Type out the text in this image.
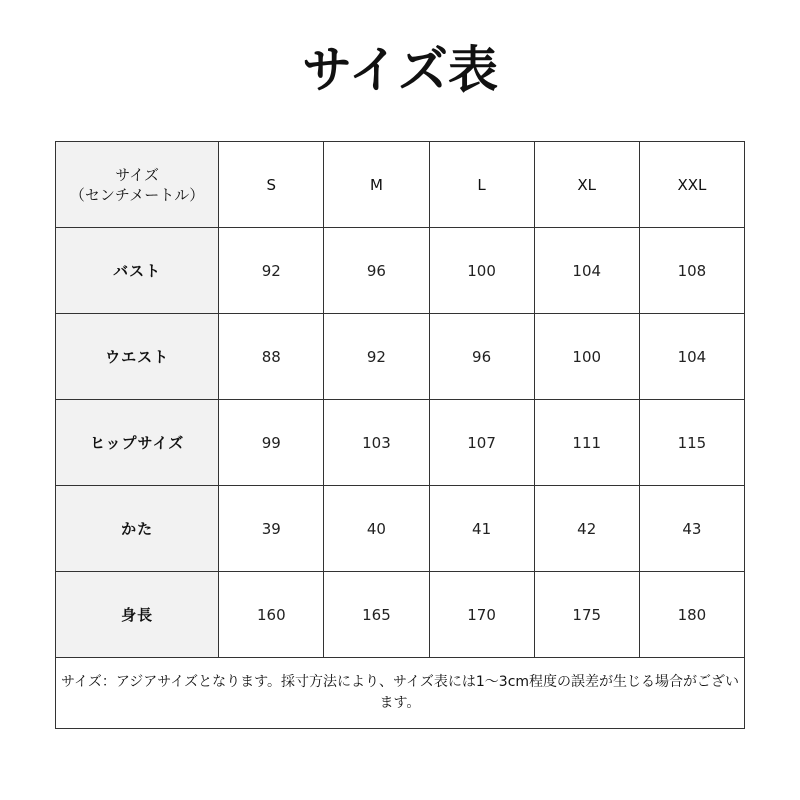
サイズ表
サイズ
（センチメートル）	S	M	L	XL	XXL
バスト	92	96	100	104	108
ウエスト	88	92	96	100	104
ヒップサイズ	99	103	107	111	115
かた	39	40	41	42	43
身長	160	165	170	175	180
サイズ：アジアサイズとなります。採寸方法により、サイズ表には1～3cm程度の誤差が生じる場合がございます。					
